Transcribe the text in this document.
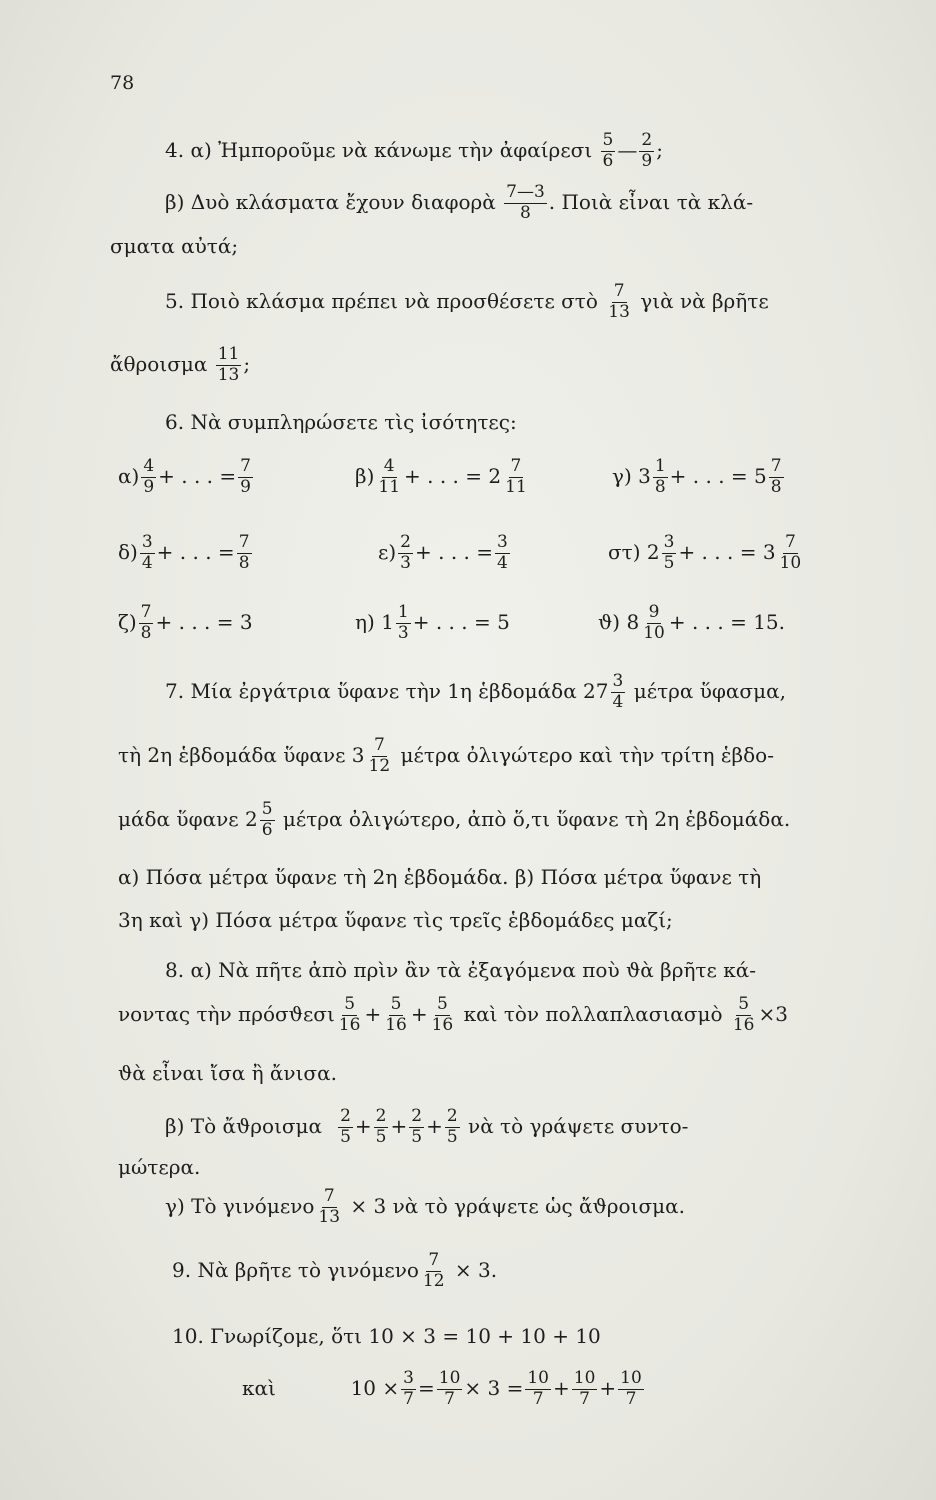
78
4. α) Ἠμποροῦμε νὰ κάνωμε τὴν ἀφαίρεσι $\frac{5}{6}$ — $\frac{2}{9}$ ;
β) Δυὸ κλάσματα ἔχουν διαφορὰ $\frac{7—3}{8}$ . Ποιὰ εἶναι τὰ κλά-
σματα αὐτά;
5. Ποιὸ κλάσμα πρέπει νὰ προσθέσετε στὸ $\frac{7}{13}$ γιὰ νὰ βρῆτε
ἄθροισμα $\frac{11}{13}$ ;
6. Νὰ συμπληρώσετε τὶς ἰσότητες:
$\alpha) \frac{4}{9}$ + . . . = $\frac{7}{9}$	$\beta) \frac{4}{11}$ + . . . = $2 \frac{7}{11}$	γ) $3 \frac{1}{8}$ + . . . = $5 \frac{7}{8}$
$\delta) \frac{3}{4}$ + . . . = $\frac{7}{8}$	$\varepsilon) \frac{2}{3}$ + . . . = $\frac{3}{4}$	στ) $2 \frac{3}{5}$ + . . . = $3 \frac{7}{10}$
$\zeta) \frac{7}{8}$ + . . . = 3	η) $1 \frac{1}{3}$ + . . . = 5	ϑ) $8 \frac{9}{10}$ + . . . = 15.
7. Μία ἐργάτρια ὕφανε τὴν 1η ἑβδομάδα $27 \frac{3}{4}$ μέτρα ὕφασμα,
τὴ 2η ἑβδομάδα ὕφανε $3 \frac{7}{12}$ μέτρα ὀλιγώτερο καὶ τὴν τρίτη ἑβδο-
μάδα ὕφανε $2 \frac{5}{6}$ μέτρα ὀλιγώτερο, ἀπὸ ὅ,τι ὕφανε τὴ 2η ἑβδομάδα.
α) Πόσα μέτρα ὕφανε τὴ 2η ἑβδομάδα. β) Πόσα μέτρα ὕφανε τὴ
3η καὶ γ) Πόσα μέτρα ὕφανε τὶς τρεῖς ἑβδομάδες μαζί;
8. α) Νὰ πῆτε ἀπὸ πρὶν ἂν τὰ ἐξαγόμενα ποὺ ϑὰ βρῆτε κά-
νοντας τὴν πρόσϑεσι $\frac{5}{16} + \frac{5}{16} + \frac{5}{16}$ καὶ τὸν πολλαπλασιασμὸ $\frac{5}{16} \times 3$
ϑὰ εἶναι ἴσα ἢ ἄνισα.
β) Τὸ ἄϑροισμα $\frac{2}{5} + \frac{2}{5} + \frac{2}{5} + \frac{2}{5}$ νὰ τὸ γράψετε συντο-
μώτερα.
γ) Τὸ γινόμενο $\frac{7}{13} \times 3$ νὰ τὸ γράψετε ὡς ἄϑροισμα.
9. Νὰ βρῆτε τὸ γινόμενο $\frac{7}{12} \times 3$.
10. Γνωρίζομε, ὅτι 10 × 3 = 10 + 10 + 10
καὶ	$10 \times \frac{3}{7} = \frac{10}{7} \times 3 = \frac{10}{7} + \frac{10}{7} + \frac{10}{7}$
